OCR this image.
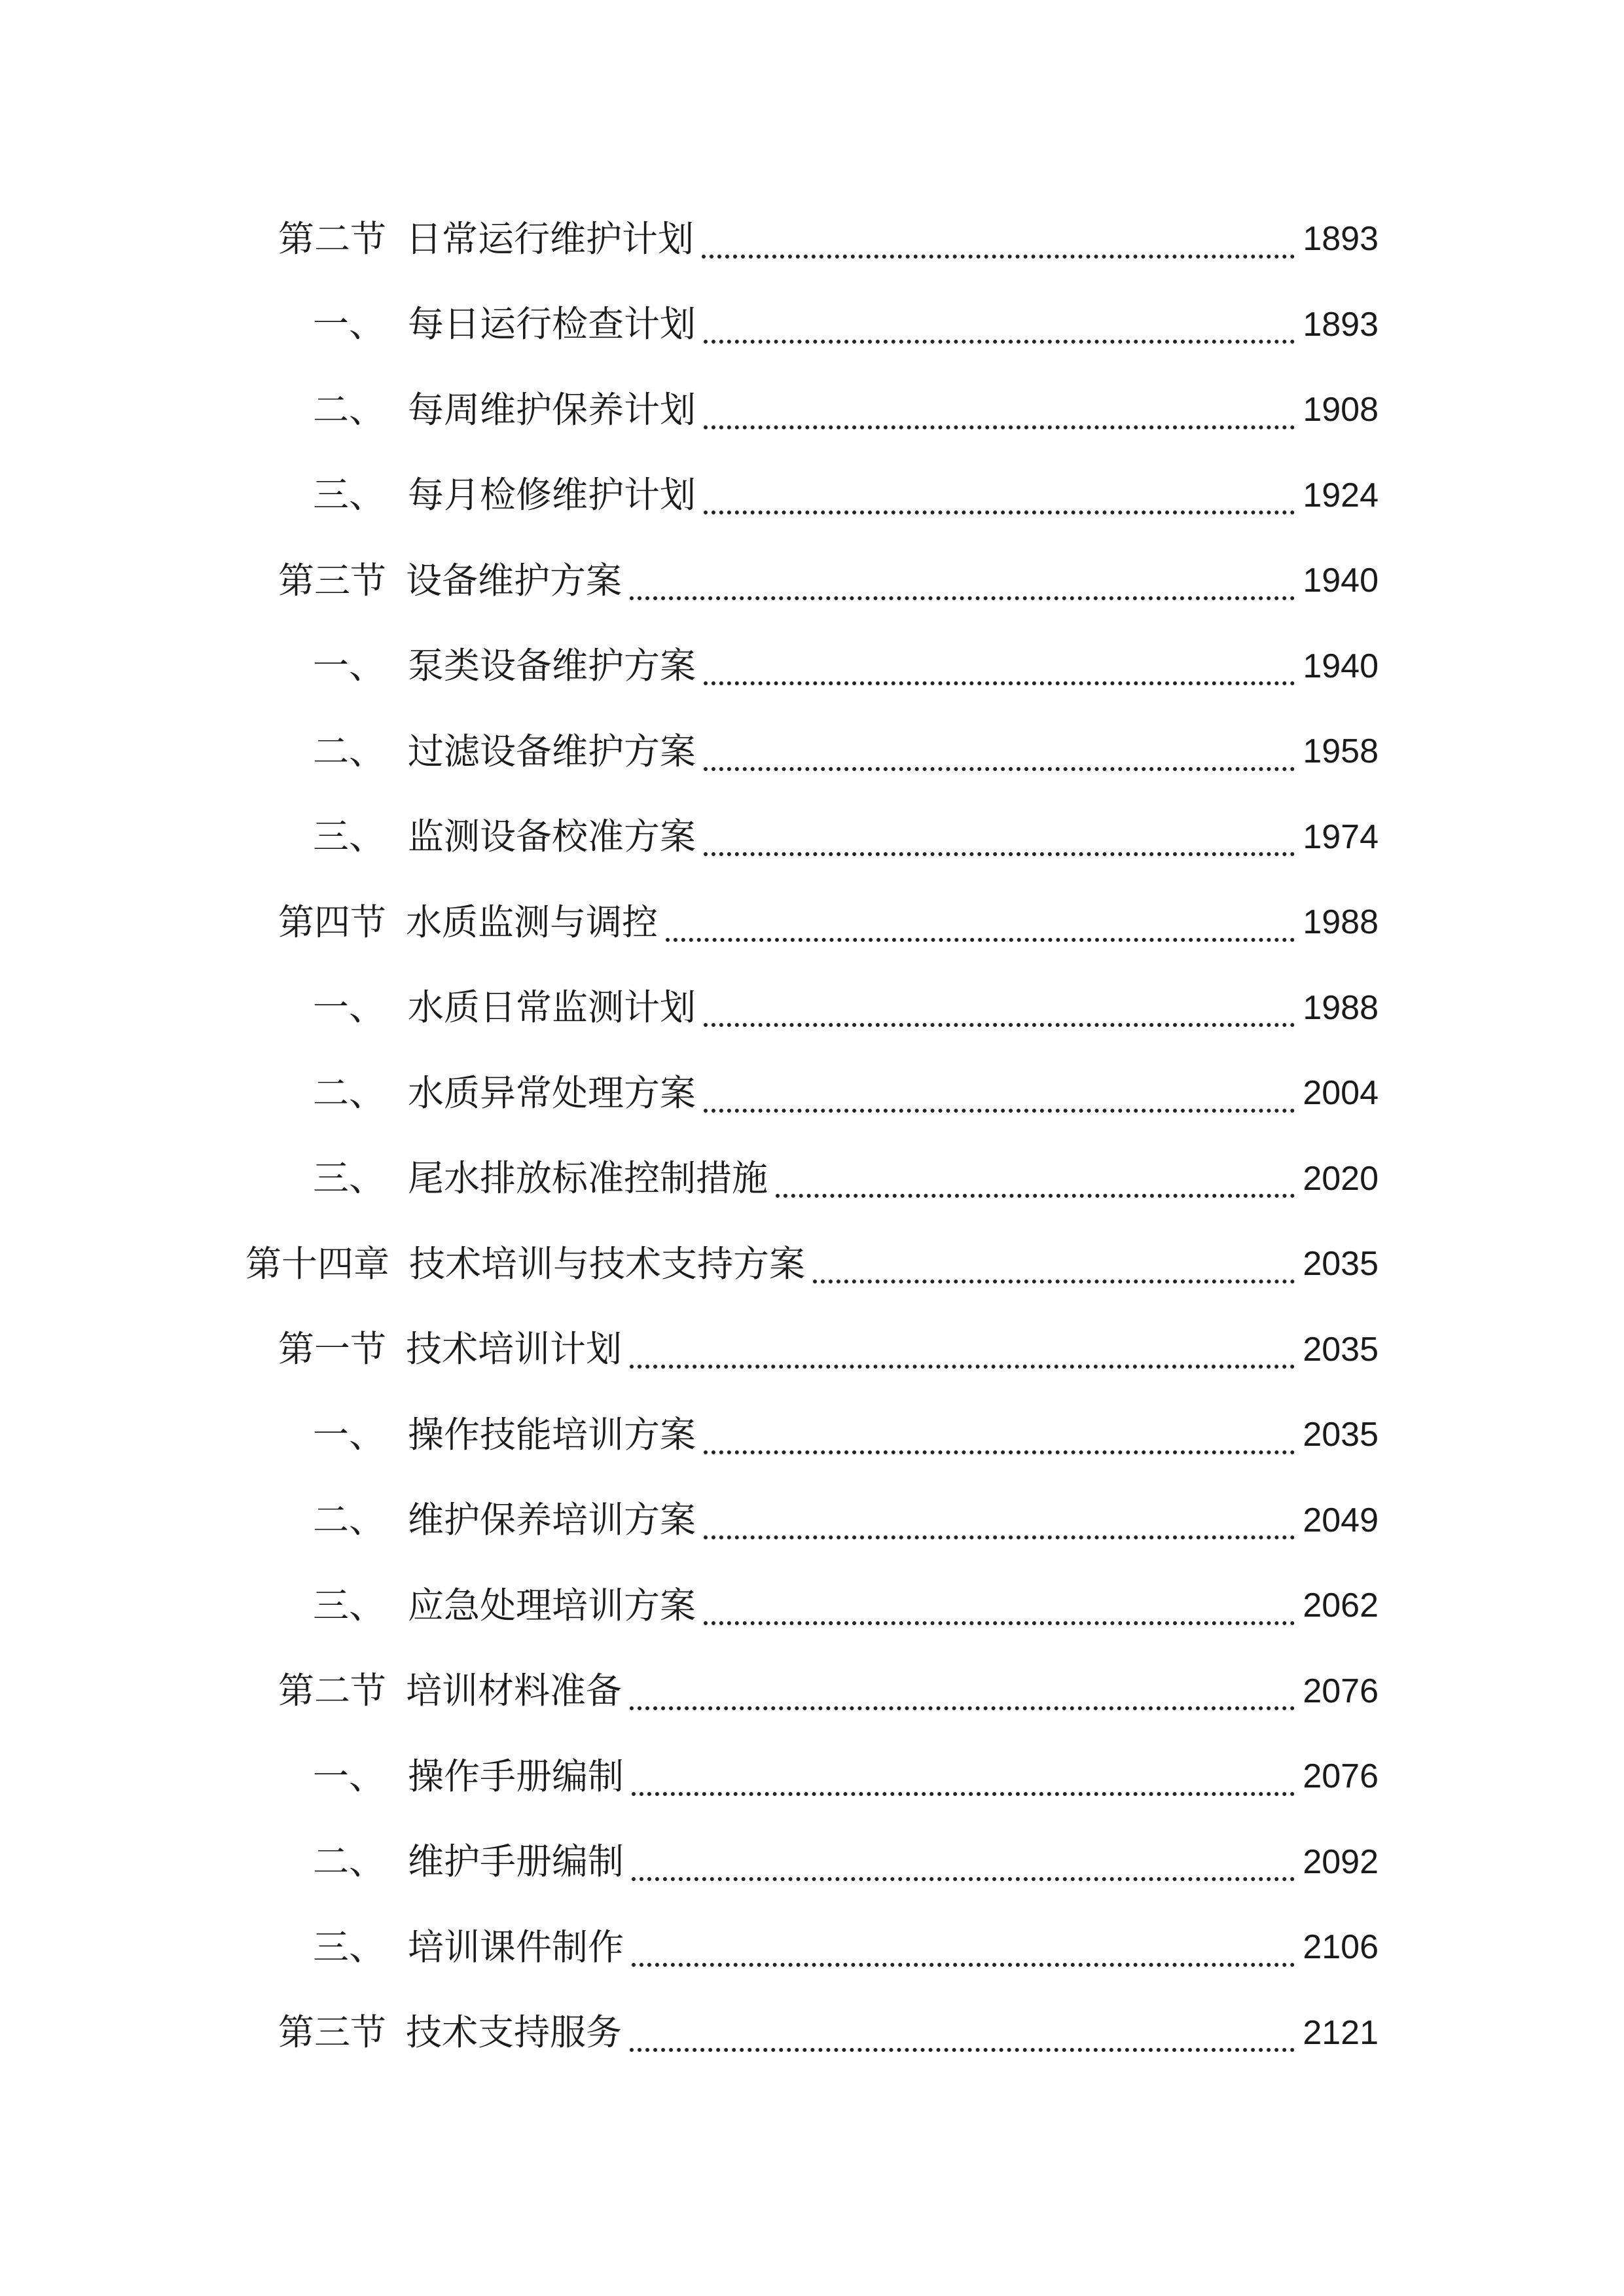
第二节 日常运行维护计划	1893
一、 每日运行检查计划	1893
二、 每周维护保养计划	1908
三、 每月检修维护计划	1924
第三节 设备维护方案	1940
一、 泵类设备维护方案	1940
二、 过滤设备维护方案	1958
三、 监测设备校准方案	1974
第四节 水质监测与调控	1988
一、 水质日常监测计划	1988
二、 水质异常处理方案	2004
三、 尾水排放标准控制措施	2020
第十四章 技术培训与技术支持方案	2035
第一节 技术培训计划	2035
一、 操作技能培训方案	2035
二、 维护保养培训方案	2049
三、 应急处理培训方案	2062
第二节 培训材料准备	2076
一、 操作手册编制	2076
二、 维护手册编制	2092
三、 培训课件制作	2106
第三节 技术支持服务	2121
